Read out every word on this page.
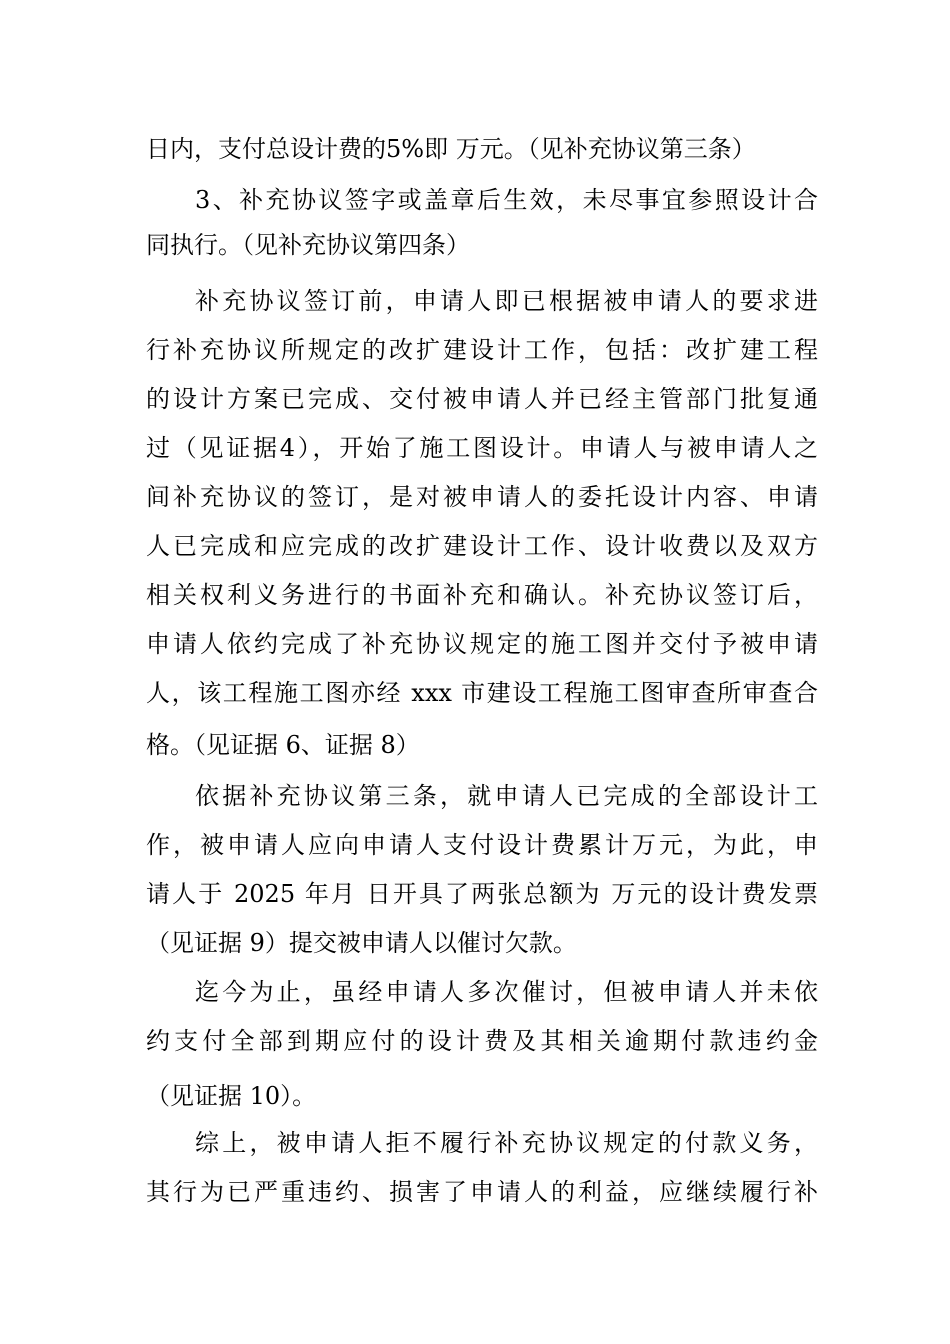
日内，支付总设计费的5%即 万元。（见补充协议第三条）
3、补充协议签字或盖章后生效，未尽事宜参照设计合
同执行。（见补充协议第四条）
补充协议签订前，申请人即已根据被申请人的要求进
行补充协议所规定的改扩建设计工作，包括：改扩建工程
的设计方案已完成、交付被申请人并已经主管部门批复通
过（见证据4），开始了施工图设计。申请人与被申请人之
间补充协议的签订，是对被申请人的委托设计内容、申请
人已完成和应完成的改扩建设计工作、设计收费以及双方
相关权利义务进行的书面补充和确认。补充协议签订后，
申请人依约完成了补充协议规定的施工图并交付予被申请
人，该工程施工图亦经 xxx 市建设工程施工图审查所审查合
格。（见证据 6、证据 8）
依据补充协议第三条，就申请人已完成的全部设计工
作，被申请人应向申请人支付设计费累计万元，为此，申
请人于 2025 年月 日开具了两张总额为 万元的设计费发票
（见证据 9）提交被申请人以催讨欠款。
迄今为止，虽经申请人多次催讨，但被申请人并未依
约支付全部到期应付的设计费及其相关逾期付款违约金
（见证据 10）。
综上，被申请人拒不履行补充协议规定的付款义务，
其行为已严重违约、损害了申请人的利益，应继续履行补
